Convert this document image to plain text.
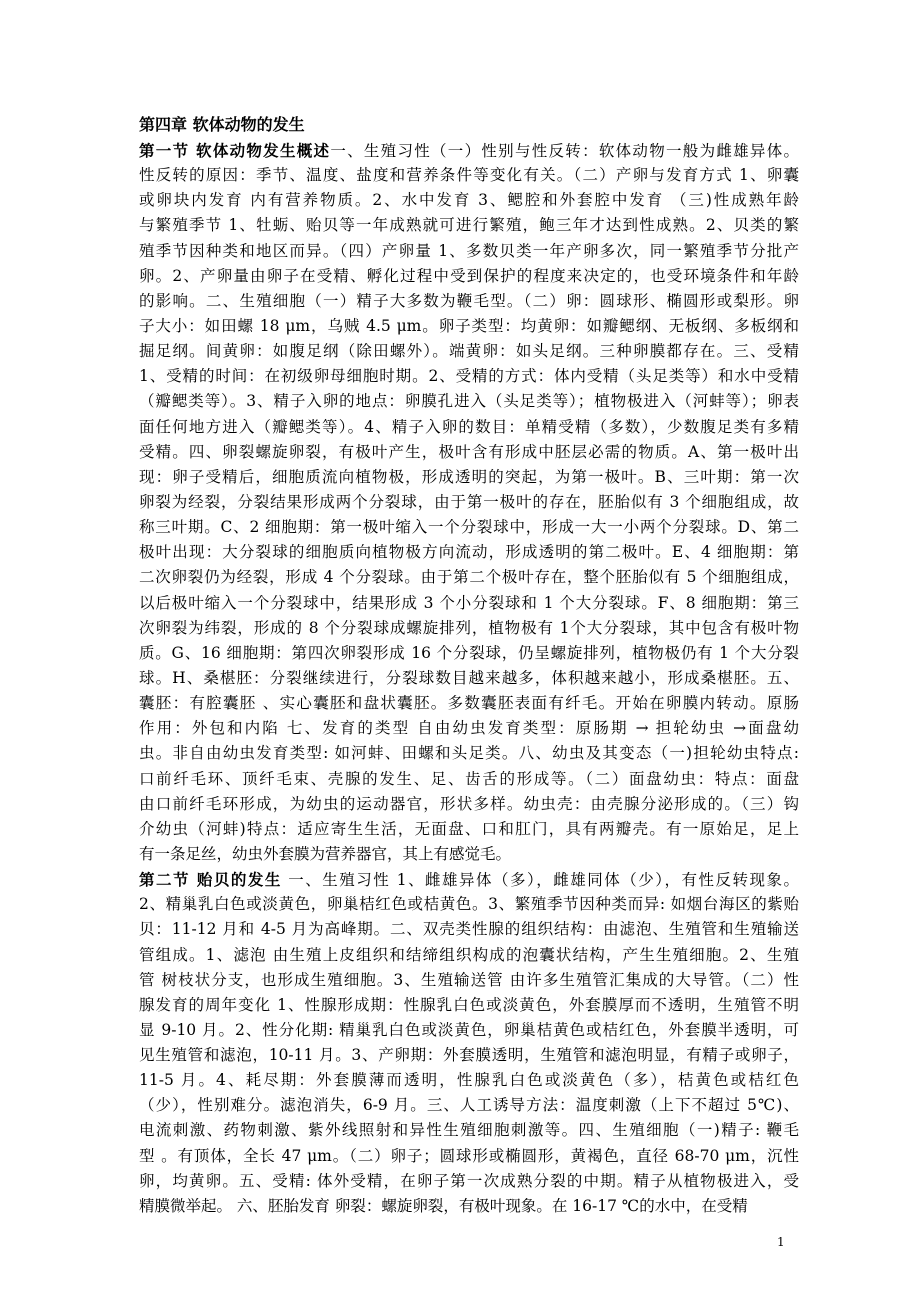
第四章 软体动物的发生
第一节 软体动物发生概述一、生殖习性（一）性别与性反转：软体动物一般为雌雄异体。
性反转的原因：季节、温度、盐度和营养条件等变化有关。（二）产卵与发育方式 1、卵囊
或卵块内发育 内有营养物质。2、水中发育 3、鳃腔和外套腔中发育 （三)性成熟年龄
与繁殖季节 1、牡蛎、贻贝等一年成熟就可进行繁殖，鲍三年才达到性成熟。2、贝类的繁
殖季节因种类和地区而异。（四）产卵量 1、多数贝类一年产卵多次，同一繁殖季节分批产
卵。2、产卵量由卵子在受精、孵化过程中受到保护的程度来决定的，也受环境条件和年龄
的影响。二、生殖细胞（一）精子大多数为鞭毛型。（二）卵：圆球形、椭圆形或梨形。卵
子大小：如田螺 18 μm，乌贼 4.5 μm。卵子类型：均黄卵：如瓣鳃纲、无板纲、多板纲和
掘足纲。间黄卵：如腹足纲（除田螺外）。端黄卵：如头足纲。三种卵膜都存在。三、受精
1、受精的时间：在初级卵母细胞时期。2、受精的方式：体内受精（头足类等）和水中受精
（瓣鳃类等）。3、精子入卵的地点：卵膜孔进入（头足类等）；植物极进入（河蚌等）；卵表
面任何地方进入（瓣鳃类等）。4、精子入卵的数目：单精受精（多数），少数腹足类有多精
受精。四、卵裂螺旋卵裂，有极叶产生，极叶含有形成中胚层必需的物质。A、第一极叶出
现：卵子受精后，细胞质流向植物极，形成透明的突起，为第一极叶。B、三叶期：第一次
卵裂为经裂，分裂结果形成两个分裂球，由于第一极叶的存在，胚胎似有 3 个细胞组成，故
称三叶期。C、2 细胞期：第一极叶缩入一个分裂球中，形成一大一小两个分裂球。D、第二
极叶出现：大分裂球的细胞质向植物极方向流动，形成透明的第二极叶。E、4 细胞期：第
二次卵裂仍为经裂，形成 4 个分裂球。由于第二个极叶存在，整个胚胎似有 5 个细胞组成，
以后极叶缩入一个分裂球中，结果形成 3 个小分裂球和 1 个大分裂球。F、8 细胞期：第三
次卵裂为纬裂，形成的 8 个分裂球成螺旋排列，植物极有 1个大分裂球，其中包含有极叶物
质。G、16 细胞期：第四次卵裂形成 16 个分裂球，仍呈螺旋排列，植物极仍有 1 个大分裂
球。H、桑椹胚：分裂继续进行，分裂球数目越来越多，体积越来越小，形成桑椹胚。五、
囊胚：有腔囊胚 、实心囊胚和盘状囊胚。多数囊胚表面有纤毛。开始在卵膜内转动。原肠
作用：外包和内陷 七、发育的类型 自由幼虫发育类型：原肠期 → 担轮幼虫 →面盘幼
虫。非自由幼虫发育类型: 如河蚌、田螺和头足类。八、幼虫及其变态（一)担轮幼虫特点:
口前纤毛环、顶纤毛束、壳腺的发生、足、齿舌的形成等。（二）面盘幼虫：特点：面盘
由口前纤毛环形成，为幼虫的运动器官，形状多样。幼虫壳：由壳腺分泌形成的。（三）钩
介幼虫（河蚌)特点：适应寄生生活，无面盘、口和肛门，具有两瓣壳。有一原始足，足上
有一条足丝，幼虫外套膜为营养器官，其上有感觉毛。
第二节 贻贝的发生 一、生殖习性 1、雌雄异体（多），雌雄同体（少），有性反转现象。
2、精巢乳白色或淡黄色，卵巢桔红色或桔黄色。3、繁殖季节因种类而异: 如烟台海区的紫贻
贝：11-12 月和 4-5 月为高峰期。二、双壳类性腺的组织结构：由滤泡、生殖管和生殖输送
管组成。1、滤泡 由生殖上皮组织和结缔组织构成的泡囊状结构，产生生殖细胞。2、生殖
管 树枝状分支，也形成生殖细胞。3、生殖输送管 由许多生殖管汇集成的大导管。（二）性
腺发育的周年变化 1、性腺形成期：性腺乳白色或淡黄色，外套膜厚而不透明，生殖管不明
显 9-10 月。2、性分化期: 精巢乳白色或淡黄色，卵巢桔黄色或桔红色，外套膜半透明，可
见生殖管和滤泡，10-11 月。3、产卵期：外套膜透明，生殖管和滤泡明显，有精子或卵子，
11-5 月。4、耗尽期：外套膜薄而透明，性腺乳白色或淡黄色（多），桔黄色或桔红色
（少），性别难分。滤泡消失，6-9 月。三、人工诱导方法：温度刺激（上下不超过 5℃)、
电流刺激、药物刺激、紫外线照射和异性生殖细胞刺激等。四、生殖细胞（一)精子: 鞭毛
型 。有顶体，全长 47 μm。（二）卵子；圆球形或椭圆形，黄褐色，直径 68-70 μm，沉性
卵，均黄卵。五、受精: 体外受精，在卵子第一次成熟分裂的中期。精子从植物极进入，受
精膜微举起。 六、胚胎发育 卵裂：螺旋卵裂，有极叶现象。在 16-17 ℃的水中，在受精
1
